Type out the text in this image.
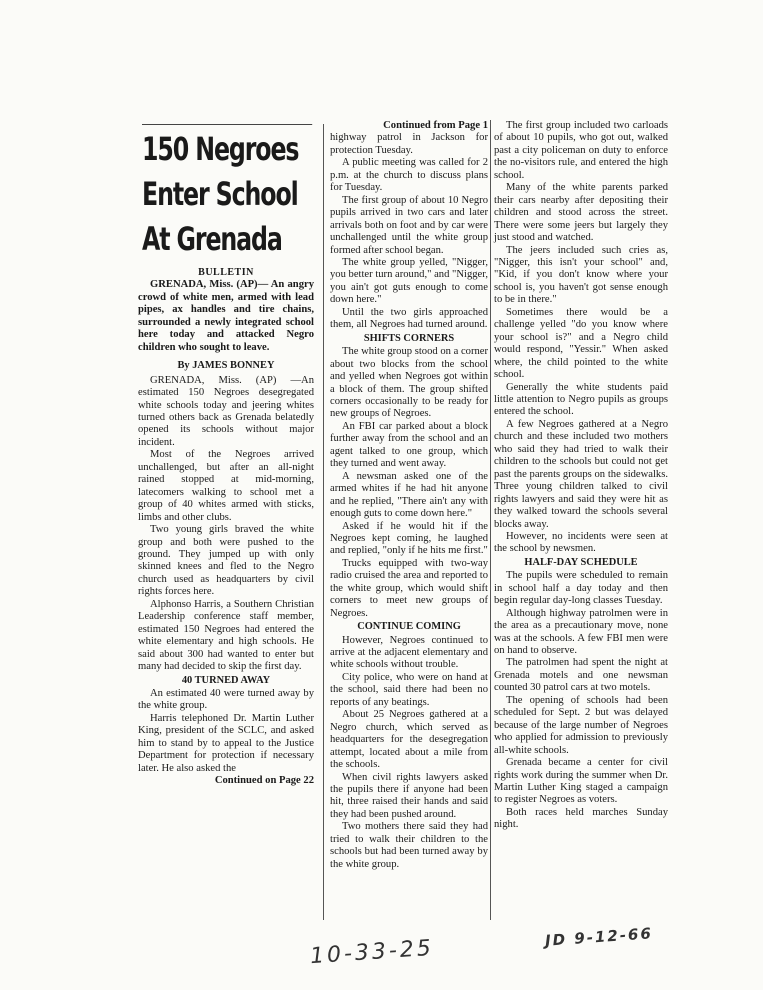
150 Negroes
Enter School
At Grenada
BULLETIN

GRENADA, Miss. (AP)— An angry crowd of white men, armed with lead pipes, ax handles and tire chains, surrounded a newly integrated school here today and attacked Negro children who sought to leave.

By JAMES BONNEY

GRENADA, Miss. (AP) —An estimated 150 Negroes desegregated white schools today and jeering whites turned others back as Grenada belatedly opened its schools without major incident.

Most of the Negroes arrived unchallenged, but after an all-night rained stopped at mid-morning, latecomers walking to school met a group of 40 whites armed with sticks, limbs and other clubs.

Two young girls braved the white group and both were pushed to the ground. They jumped up with only skinned knees and fled to the Negro church used as headquarters by civil rights forces here.

Alphonso Harris, a Southern Christian Leadership conference staff member, estimated 150 Negroes had entered the white elementary and high schools. He said about 300 had wanted to enter but many had decided to skip the first day.

40 TURNED AWAY

An estimated 40 were turned away by the white group.

Harris telephoned Dr. Martin Luther King, president of the SCLC, and asked him to stand by to appeal to the Justice Department for protection if necessary later. He also asked the

Continued on Page 22
Continued from Page 1

highway patrol in Jackson for protection Tuesday.

A public meeting was called for 2 p.m. at the church to discuss plans for Tuesday.

The first group of about 10 Negro pupils arrived in two cars and later arrivals both on foot and by car were unchallenged until the white group formed after school began.

The white group yelled, "Nigger, you better turn around," and "Nigger, you ain't got guts enough to come down here."

Until the two girls approached them, all Negroes had turned around.

SHIFTS CORNERS

The white group stood on a corner about two blocks from the school and yelled when Negroes got within a block of them. The group shifted corners occasionally to be ready for new groups of Negroes.

An FBI car parked about a block further away from the school and an agent talked to one group, which they turned and went away.

A newsman asked one of the armed whites if he had hit anyone and he replied, "There ain't any with enough guts to come down here."

Asked if he would hit if the Negroes kept coming, he laughed and replied, "only if he hits me first."

Trucks equipped with two-way radio cruised the area and reported to the white group, which would shift corners to meet new groups of Negroes.

CONTINUE COMING

However, Negroes continued to arrive at the adjacent elementary and white schools without trouble.

City police, who were on hand at the school, said there had been no reports of any beatings.

About 25 Negroes gathered at a Negro church, which served as headquarters for the desegregation attempt, located about a mile from the schools.

When civil rights lawyers asked the pupils there if anyone had been hit, three raised their hands and said they had been pushed around.

Two mothers there said they had tried to walk their children to the schools but had been turned away by the white group.

The first group included two carloads of about 10 pupils, who got out, walked past a city policeman on duty to enforce the no-visitors rule, and entered the high school.

Many of the white parents parked their cars nearby after depositing their children and stood across the street. There were some jeers but largely they just stood and watched.

The jeers included such cries as, "Nigger, this isn't your school" and, "Kid, if you don't know where your school is, you haven't got sense enough to be in there."

Sometimes there would be a challenge yelled "do you know where your school is?" and a Negro child would respond, "Yessir." When asked where, the child pointed to the white school.

Generally the white students paid little attention to Negro pupils as groups entered the school.

A few Negroes gathered at a Negro church and these included two mothers who said they had tried to walk their children to the schools but could not get past the parents groups on the sidewalks. Three young children talked to civil rights lawyers and said they were hit as they walked toward the schools several blocks away.

However, no incidents were seen at the school by newsmen.

HALF-DAY SCHEDULE

The pupils were scheduled to remain in school half a day today and then begin regular day-long classes Tuesday.

Although highway patrolmen were in the area as a precautionary move, none was at the schools. A few FBI men were on hand to observe.

The patrolmen had spent the night at Grenada motels and one newsman counted 30 patrol cars at two motels.

The opening of schools had been scheduled for Sept. 2 but was delayed because of the large number of Negroes who applied for admission to previously all-white schools.

Grenada became a center for civil rights work during the summer when Dr. Martin Luther King staged a campaign to register Negroes as voters.

Both races held marches Sunday night.

JD 9-12-66
10-33-25
